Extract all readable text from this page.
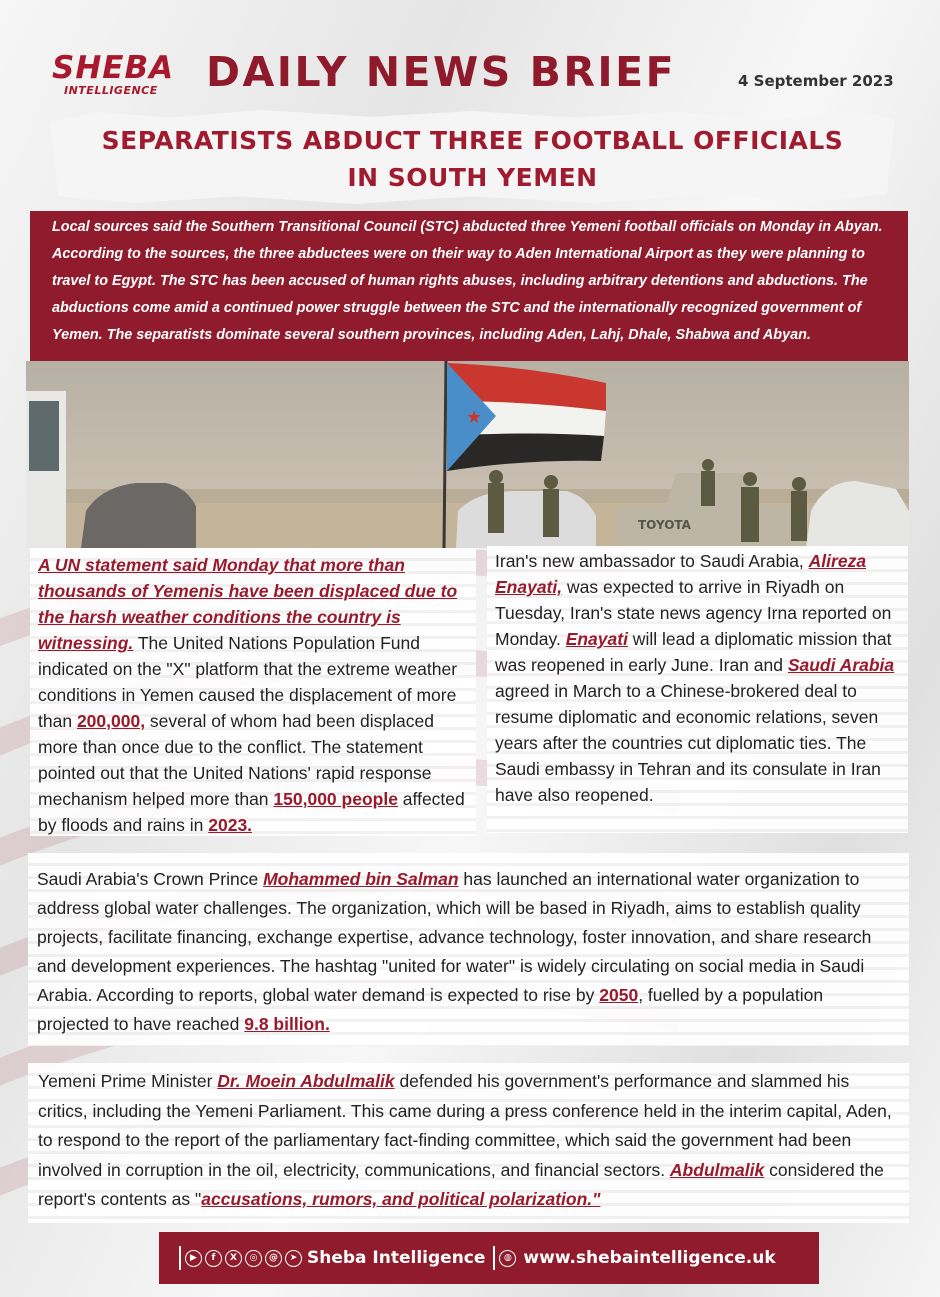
SHEBA
INTELLIGENCE	DAILY NEWS BRIEF	4 September 2023
SEPARATISTS ABDUCT THREE FOOTBALL OFFICIALS
IN SOUTH YEMEN

Local sources said the Southern Transitional Council (STC) abducted three Yemeni football officials on Monday in Abyan. According to the sources, the three abductees were on their way to Aden International Airport as they were planning to travel to Egypt. The STC has been accused of human rights abuses, including arbitrary detentions and abductions. The abductions come amid a continued power struggle between the STC and the internationally recognized government of Yemen. The separatists dominate several southern provinces, including Aden, Lahj, Dhale, Shabwa and Abyan.

★
TOYOTA

A UN statement said Monday that more than thousands of Yemenis have been displaced due to the harsh weather conditions the country is witnessing. The United Nations Population Fund indicated on the "X" platform that the extreme weather conditions in Yemen caused the displacement of more than 200,000, several of whom had been displaced more than once due to the conflict. The statement pointed out that the United Nations' rapid response mechanism helped more than 150,000 people affected by floods and rains in 2023.

Iran's new ambassador to Saudi Arabia, Alireza Enayati, was expected to arrive in Riyadh on Tuesday, Iran's state news agency Irna reported on Monday. Enayati will lead a diplomatic mission that was reopened in early June. Iran and Saudi Arabia agreed in March to a Chinese-brokered deal to resume diplomatic and economic relations, seven years after the countries cut diplomatic ties. The Saudi embassy in Tehran and its consulate in Iran have also reopened.

Saudi Arabia's Crown Prince Mohammed bin Salman has launched an international water organization to address global water challenges. The organization, which will be based in Riyadh, aims to establish quality projects, facilitate financing, exchange expertise, advance technology, foster innovation, and share research and development experiences. The hashtag "united for water" is widely circulating on social media in Saudi Arabia. According to reports, global water demand is expected to rise by 2050, fuelled by a population projected to have reached 9.8 billion.

Yemeni Prime Minister Dr. Moein Abdulmalik defended his government's performance and slammed his critics, including the Yemeni Parliament. This came during a press conference held in the interim capital, Aden, to respond to the report of the parliamentary fact-finding committee, which said the government had been involved in corruption in the oil, electricity, communications, and financial sectors. Abdulmalik considered the report's contents as "accusations, rumors, and political polarization."

▶	f	X	◎	@	➤ Sheba Intelligence	◍ www.shebaintelligence.uk
